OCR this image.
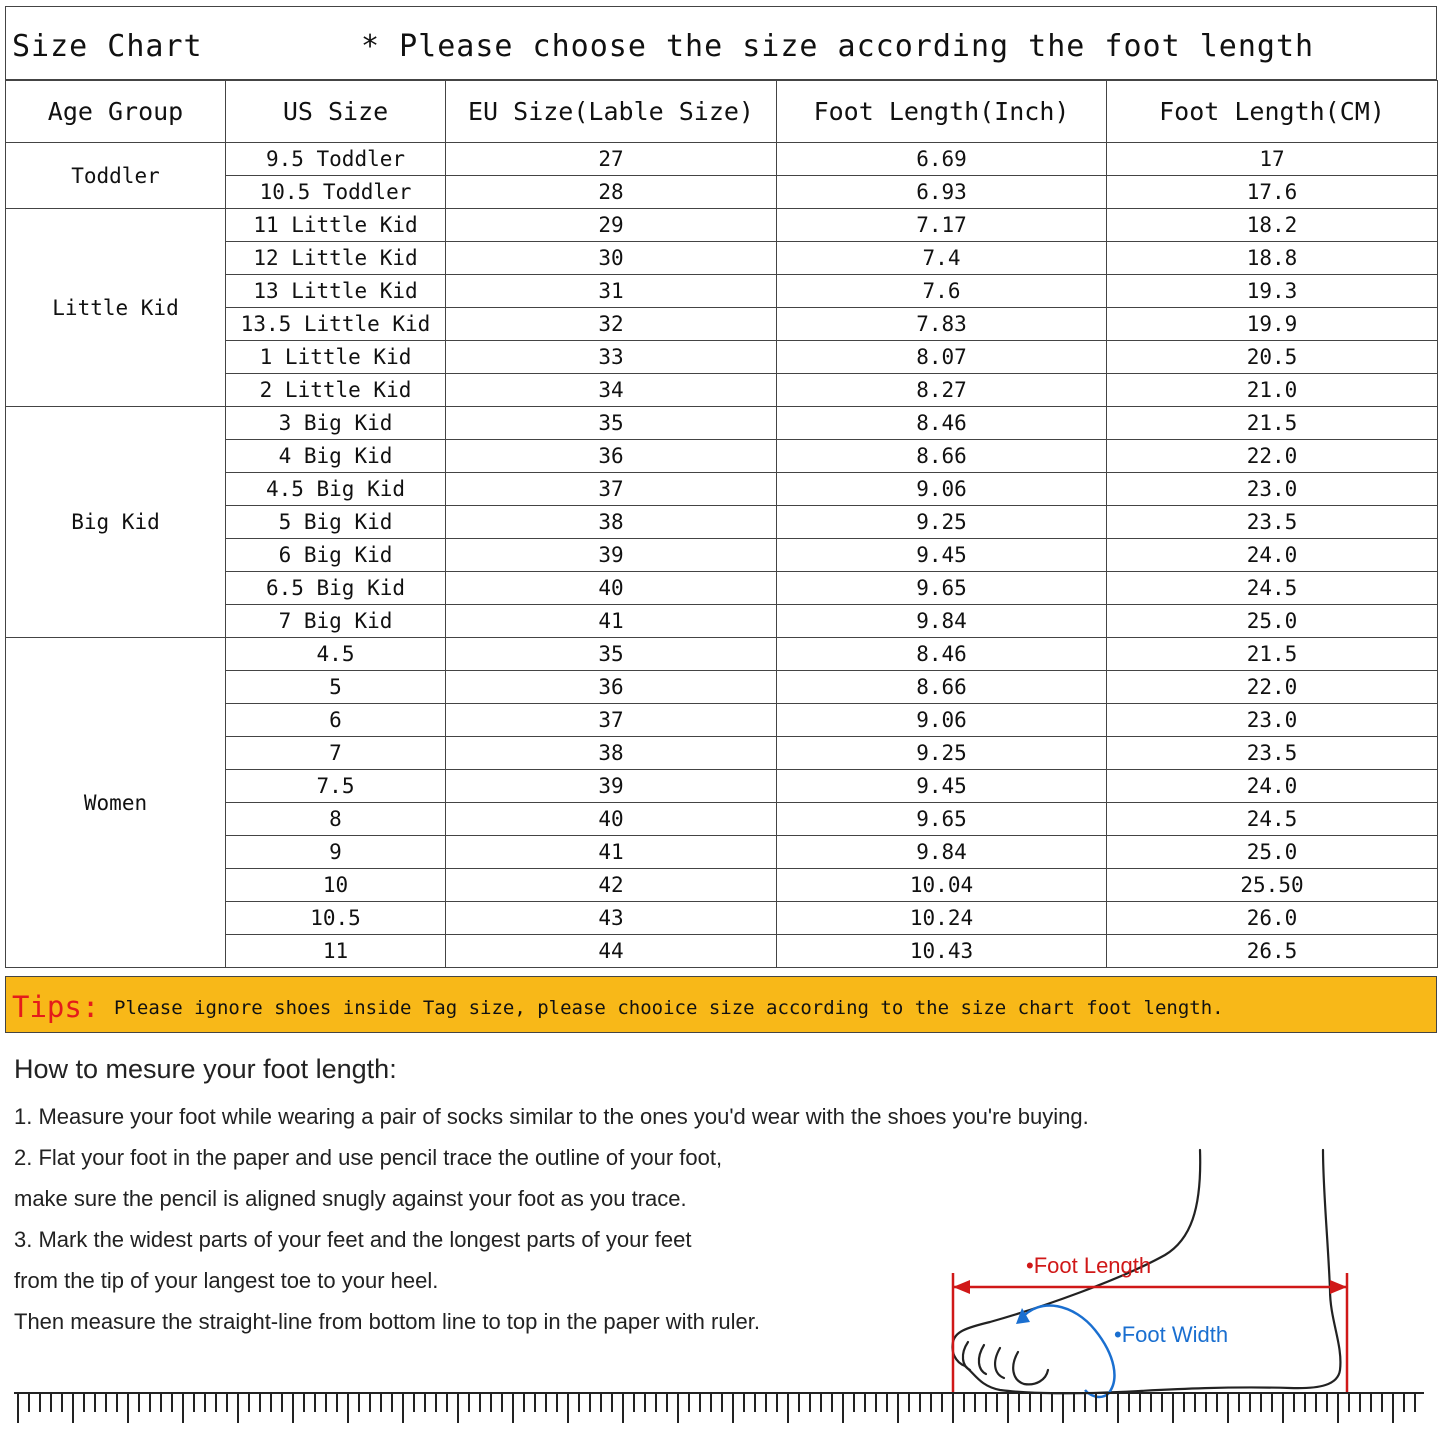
Size Chart	* Please choose the size according the foot length
Age Group	US Size	EU Size(Lable Size)	Foot Length(Inch)	Foot Length(CM)
Toddler	9.5 Toddler	27	6.69	17
	10.5 Toddler	28	6.93	17.6
Little Kid	11 Little Kid	29	7.17	18.2
	12 Little Kid	30	7.4	18.8
	13 Little Kid	31	7.6	19.3
	13.5 Little Kid	32	7.83	19.9
	1 Little Kid	33	8.07	20.5
	2 Little Kid	34	8.27	21.0
Big Kid	3 Big Kid	35	8.46	21.5
	4 Big Kid	36	8.66	22.0
	4.5 Big Kid	37	9.06	23.0
	5 Big Kid	38	9.25	23.5
	6 Big Kid	39	9.45	24.0
	6.5 Big Kid	40	9.65	24.5
	7 Big Kid	41	9.84	25.0
Women	4.5	35	8.46	21.5
	5	36	8.66	22.0
	6	37	9.06	23.0
	7	38	9.25	23.5
	7.5	39	9.45	24.0
	8	40	9.65	24.5
	9	41	9.84	25.0
	10	42	10.04	25.50
	10.5	43	10.24	26.0
	11	44	10.43	26.5
Tips: Please ignore shoes inside Tag size, please chooice size according to the size chart foot length.
How to mesure your foot length:
1. Measure your foot while wearing a pair of socks similar to the ones you'd wear with the shoes you're buying.
2. Flat your foot in the paper and use pencil trace the outline of your foot,
make sure the pencil is aligned snugly against your foot as you trace.
3. Mark the widest parts of your feet and the longest parts of your feet
from the tip of your langest toe to your heel.
Then measure the straight-line from bottom line to top in the paper with ruler.
•Foot Length
•Foot Width
